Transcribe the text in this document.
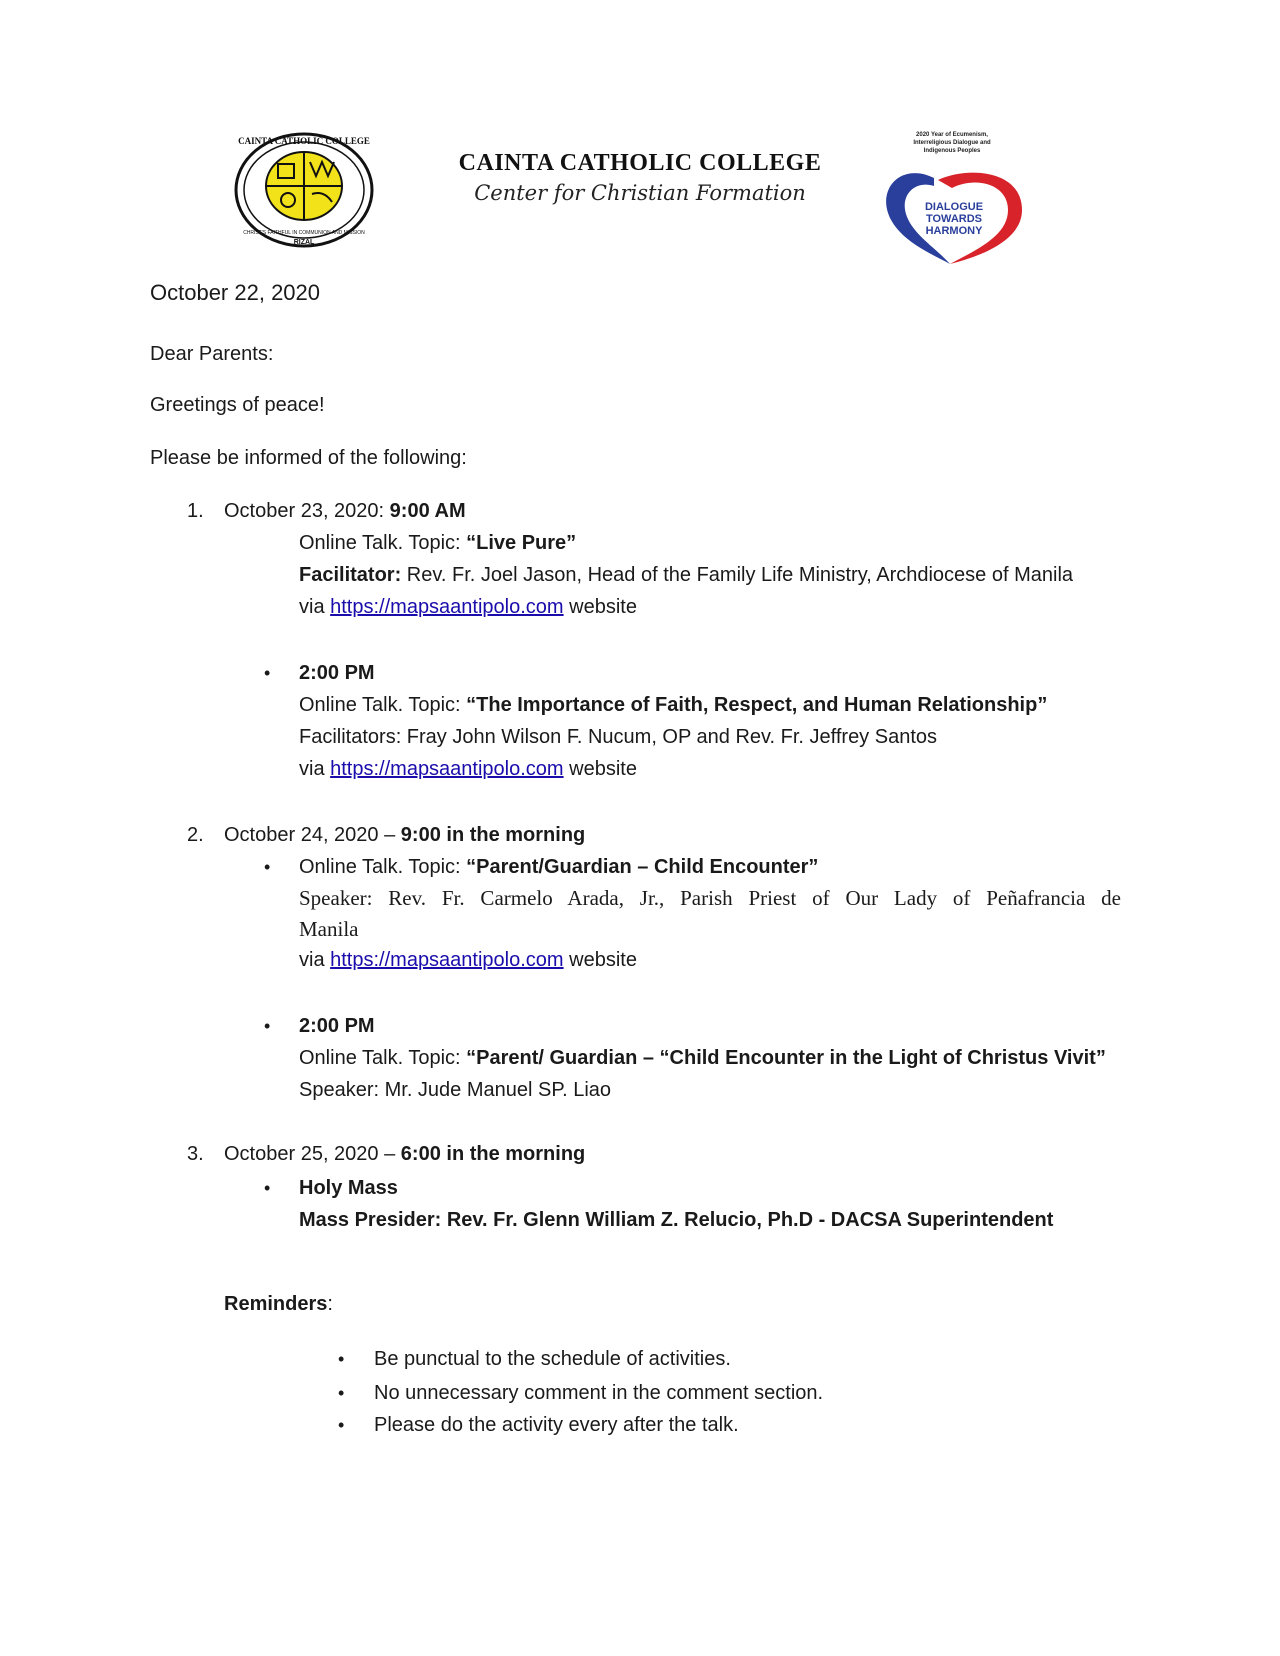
CAINTA CATHOLIC COLLEGE
CHRIST'S FAITHFUL IN COMMUNION AND MISSION
RIZAL
CAINTA CATHOLIC COLLEGE
Center for Christian Formation
2020 Year of Ecumenism,
Interreligious Dialogue and
Indigenous Peoples
DIALOGUE
TOWARDS
HARMONY
October 22, 2020
Dear Parents:
Greetings of peace!
Please be informed of the following:
1. October 23, 2020: 9:00 AM
Online Talk. Topic: “Live Pure”
Facilitator: Rev. Fr. Joel Jason, Head of the Family Life Ministry, Archdiocese of Manila
via https://mapsaantipolo.com website
• 2:00 PM
Online Talk. Topic: “The Importance of Faith, Respect, and Human Relationship”
Facilitators: Fray John Wilson F. Nucum, OP and Rev. Fr. Jeffrey Santos
via https://mapsaantipolo.com website
2. October 24, 2020 – 9:00 in the morning
• Online Talk. Topic: “Parent/Guardian – Child Encounter”
Speaker: Rev. Fr. Carmelo Arada, Jr., Parish Priest of Our Lady of Peñafrancia de
Manila
via https://mapsaantipolo.com website
• 2:00 PM
Online Talk. Topic: “Parent/ Guardian – “Child Encounter in the Light of Christus Vivit”
Speaker: Mr. Jude Manuel SP. Liao
3. October 25, 2020 – 6:00 in the morning
• Holy Mass
Mass Presider: Rev. Fr. Glenn William Z. Relucio, Ph.D - DACSA Superintendent
Reminders:
• Be punctual to the schedule of activities.
• No unnecessary comment in the comment section.
• Please do the activity every after the talk.
